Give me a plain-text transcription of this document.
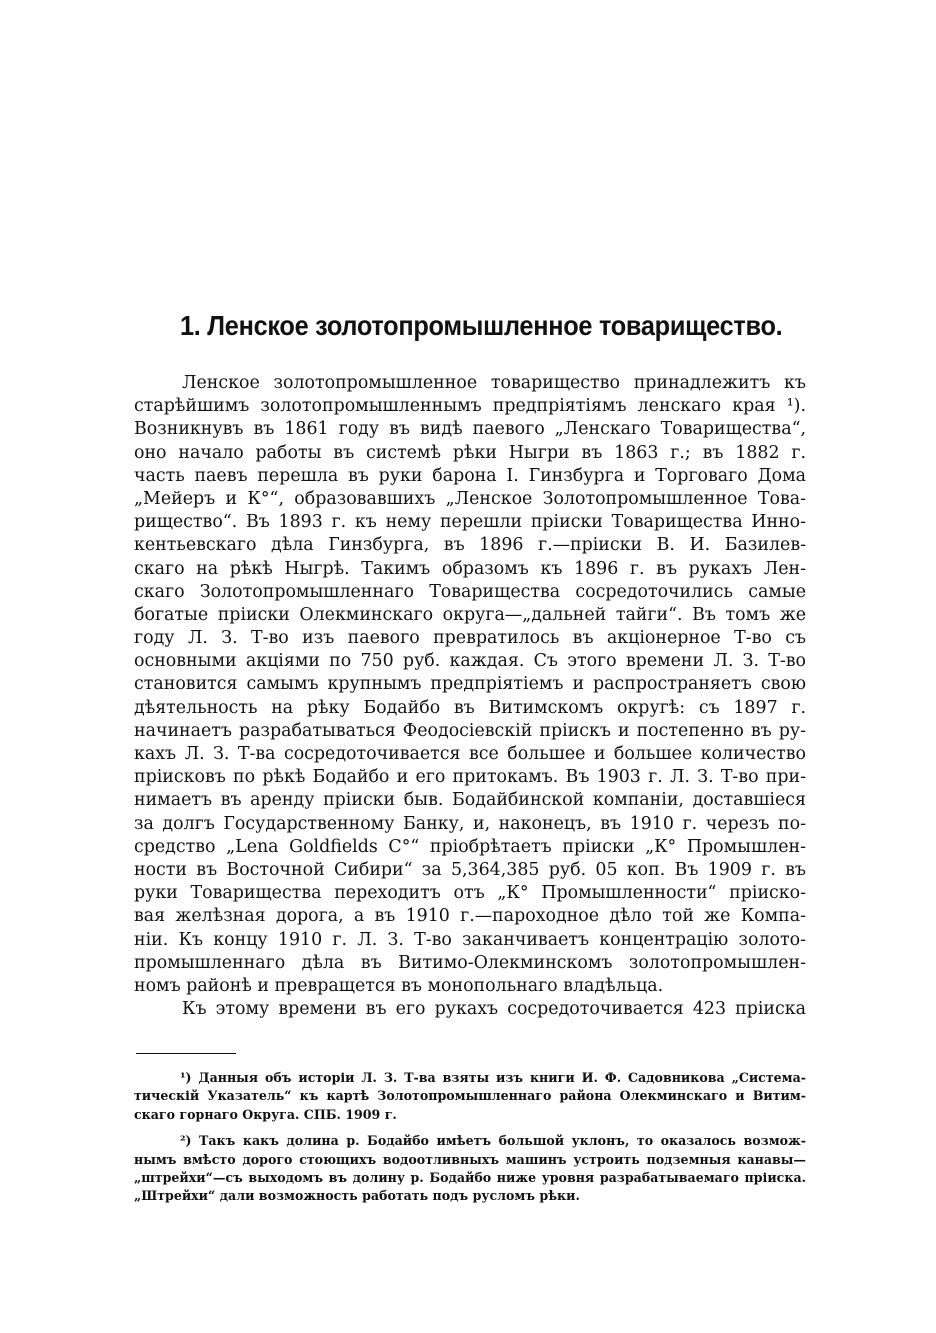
1. Ленское золотопромышленное товарищество.
Ленское золотопромышленное товарищество принадлежитъ къ
старѣйшимъ золотопромышленнымъ предпріятіямъ ленскаго края ¹).
Возникнувъ въ 1861 году въ видѣ паевого „Ленскаго Товарищества“,
оно начало работы въ системѣ рѣки Ныгри въ 1863 г.; въ 1882 г.
часть паевъ перешла въ руки барона I. Гинзбурга и Торговаго Дома
„Мейеръ и К°“, образовавшихъ „Ленское Золотопромышленное Това-
рищество“. Въ 1893 г. къ нему перешли пріиски Товарищества Инно-
кентьевскаго дѣла Гинзбурга, въ 1896 г.—пріиски В. И. Базилев-
скаго на рѣкѣ Ныгрѣ. Такимъ образомъ къ 1896 г. въ рукахъ Лен-
скаго Золотопромышленнаго Товарищества сосредоточились самые
богатые пріиски Олекминскаго округа—„дальней тайги“. Въ томъ же
году Л. З. Т-во изъ паевого превратилось въ акціонерное Т-во съ
основными акціями по 750 руб. каждая. Съ этого времени Л. З. Т-во
становится самымъ крупнымъ предпріятіемъ и распространяетъ свою
дѣятельность на рѣку Бодайбо въ Витимскомъ округѣ: съ 1897 г.
начинаетъ разрабатываться Феодосіевскій пріискъ и постепенно въ ру-
кахъ Л. З. Т-ва сосредоточивается все большее и большее количество
пріисковъ по рѣкѣ Бодайбо и его притокамъ. Въ 1903 г. Л. З. Т-во при-
нимаетъ въ аренду пріиски быв. Бодайбинской компаніи, доставшіеся
за долгъ Государственному Банку, и, наконецъ, въ 1910 г. черезъ по-
средство „Lena Goldfields C°“ пріобрѣтаетъ пріиски „К° Промышлен-
ности въ Восточной Сибири“ за 5,364,385 руб. 05 коп. Въ 1909 г. въ
руки Товарищества переходитъ отъ „К° Промышленности“ пріиско-
вая желѣзная дорога, а въ 1910 г.—пароходное дѣло той же Компа-
ніи. Къ концу 1910 г. Л. З. Т-во заканчиваетъ концентрацію золото-
промышленнаго дѣла въ Витимо-Олекминскомъ золотопромышлен-
номъ районѣ и превращется въ монопольнаго владѣльца.
Къ этому времени въ его рукахъ сосредоточивается 423 пріиска
¹) Данныя объ исторіи Л. З. Т-ва взяты изъ книги И. Ф. Садовникова „Системa-
тическій Указатель“ къ картѣ Золотопромышленнаго района Олекминскаго и Витим-
скаго горнаго Округа. СПБ. 1909 г.
²) Такъ какъ долина р. Бодайбо имѣетъ большой уклонъ, то оказалось возмож-
нымъ вмѣсто дорого стоющихъ водоотливныхъ машинъ устроить подземныя канавы—
„штрейхи“—съ выходомъ въ долину р. Бодайбо ниже уровня разрабатываемаго пріиска.
„Штрейхи“ дали возможность работать подъ русломъ рѣки.
